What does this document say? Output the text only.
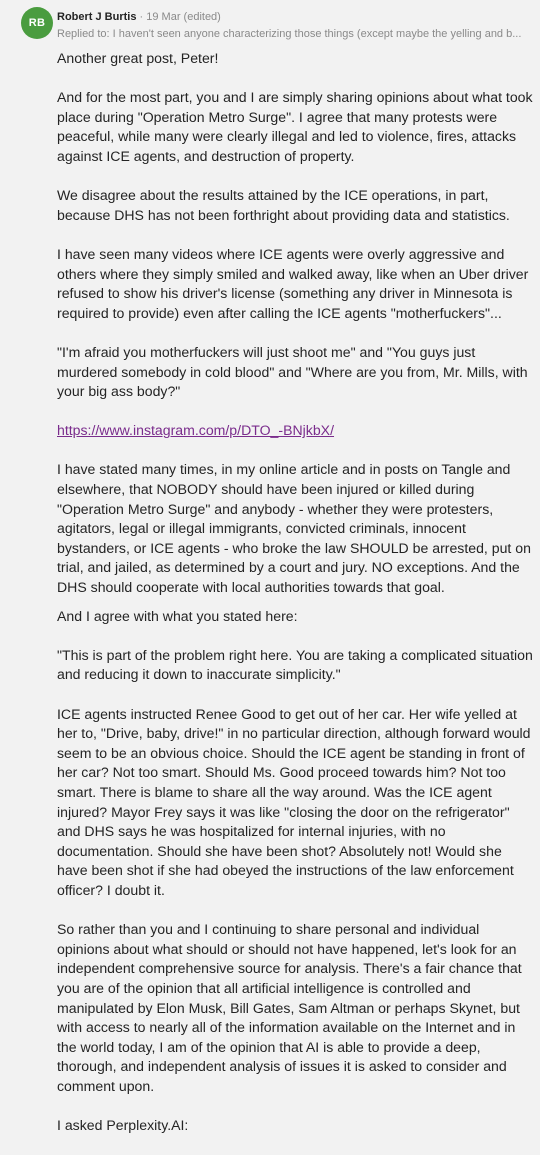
RB	Robert J Burtis · 19 Mar (edited)
Replied to: I haven't seen anyone characterizing those things (except maybe the yelling and b...

Another great post, Peter!

And for the most part, you and I are simply sharing opinions about what took place during "Operation Metro Surge". I agree that many protests were peaceful, while many were clearly illegal and led to violence, fires, attacks against ICE agents, and destruction of property.

We disagree about the results attained by the ICE operations, in part, because DHS has not been forthright about providing data and statistics.

I have seen many videos where ICE agents were overly aggressive and others where they simply smiled and walked away, like when an Uber driver refused to show his driver's license (something any driver in Minnesota is required to provide) even after calling the ICE agents "motherfuckers"...

"I'm afraid you motherfuckers will just shoot me" and "You guys just murdered somebody in cold blood" and "Where are you from, Mr. Mills, with your big ass body?"

https://www.instagram.com/p/DTO_-BNjkbX/

I have stated many times, in my online article and in posts on Tangle and elsewhere, that NOBODY should have been injured or killed during "Operation Metro Surge" and anybody - whether they were protesters, agitators, legal or illegal immigrants, convicted criminals, innocent bystanders, or ICE agents - who broke the law SHOULD be arrested, put on trial, and jailed, as determined by a court and jury. NO exceptions. And the DHS should cooperate with local authorities towards that goal.

And I agree with what you stated here:

"This is part of the problem right here. You are taking a complicated situation and reducing it down to inaccurate simplicity."

ICE agents instructed Renee Good to get out of her car. Her wife yelled at her to, "Drive, baby, drive!" in no particular direction, although forward would seem to be an obvious choice. Should the ICE agent be standing in front of her car? Not too smart. Should Ms. Good proceed towards him? Not too smart. There is blame to share all the way around. Was the ICE agent injured? Mayor Frey says it was like "closing the door on the refrigerator" and DHS says he was hospitalized for internal injuries, with no documentation. Should she have been shot? Absolutely not! Would she have been shot if she had obeyed the instructions of the law enforcement officer? I doubt it.

So rather than you and I continuing to share personal and individual opinions about what should or should not have happened, let's look for an independent comprehensive source for analysis. There's a fair chance that you are of the opinion that all artificial intelligence is controlled and manipulated by Elon Musk, Bill Gates, Sam Altman or perhaps Skynet, but with access to nearly all of the information available on the Internet and in the world today, I am of the opinion that AI is able to provide a deep, thorough, and independent analysis of issues it is asked to consider and comment upon.

I asked Perplexity.AI:
